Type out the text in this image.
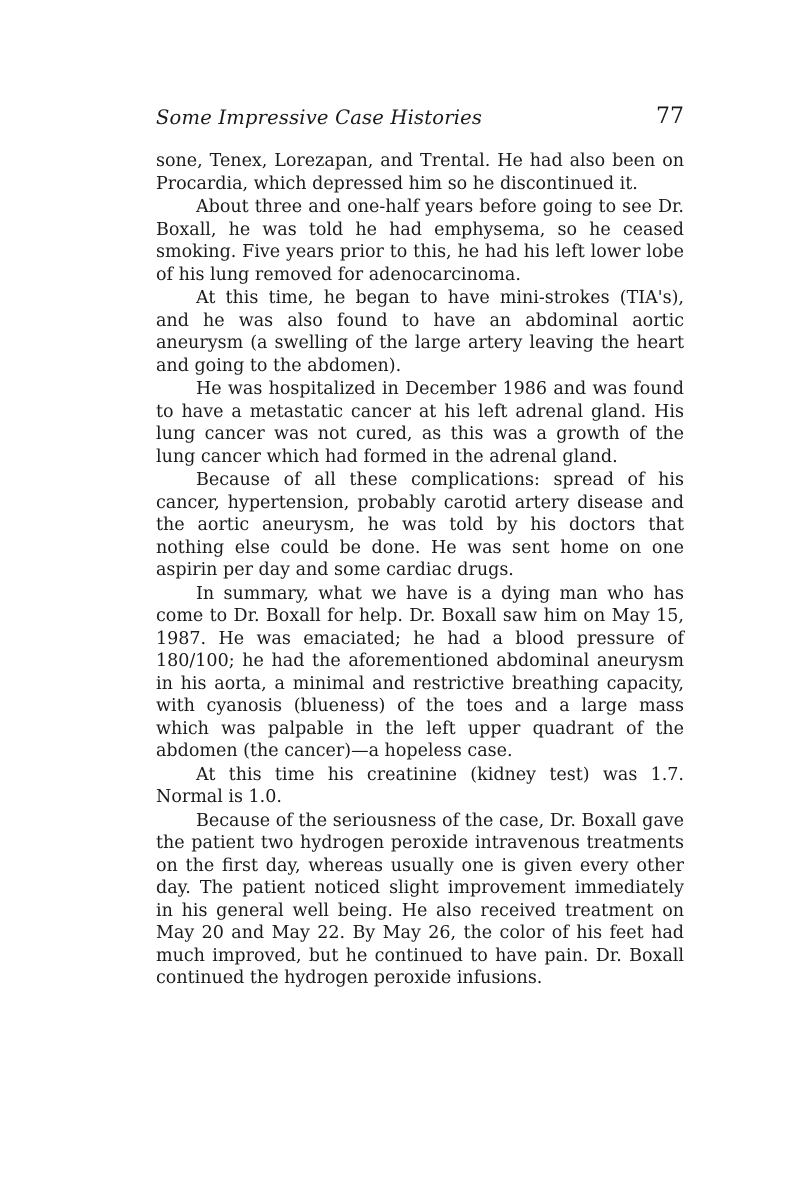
Some Impressive Case Histories	77

sone, Tenex, Lorezapan, and Trental. He had also been on Procardia, which depressed him so he discontinued it.

About three and one-half years before going to see Dr. Boxall, he was told he had emphysema, so he ceased smoking. Five years prior to this, he had his left lower lobe of his lung removed for adenocarcinoma.

At this time, he began to have mini-strokes (TIA's), and he was also found to have an abdominal aortic aneurysm (a swelling of the large artery leaving the heart and going to the abdomen).

He was hospitalized in December 1986 and was found to have a metastatic cancer at his left adrenal gland. His lung cancer was not cured, as this was a growth of the lung cancer which had formed in the adrenal gland.

Because of all these complications: spread of his cancer, hypertension, probably carotid artery disease and the aortic aneurysm, he was told by his doctors that nothing else could be done. He was sent home on one aspirin per day and some cardiac drugs.

In summary, what we have is a dying man who has come to Dr. Boxall for help. Dr. Boxall saw him on May 15, 1987. He was emaciated; he had a blood pressure of 180/100; he had the aforementioned abdominal aneurysm in his aorta, a minimal and restrictive breathing capacity, with cyanosis (blueness) of the toes and a large mass which was palpable in the left upper quadrant of the abdomen (the cancer)—a hopeless case.

At this time his creatinine (kidney test) was 1.7. Normal is 1.0.

Because of the seriousness of the case, Dr. Boxall gave the patient two hydrogen peroxide intravenous treatments on the first day, whereas usually one is given every other day. The patient noticed slight improvement immediately in his general well being. He also received treatment on May 20 and May 22. By May 26, the color of his feet had much improved, but he continued to have pain. Dr. Boxall continued the hydrogen peroxide infusions.
